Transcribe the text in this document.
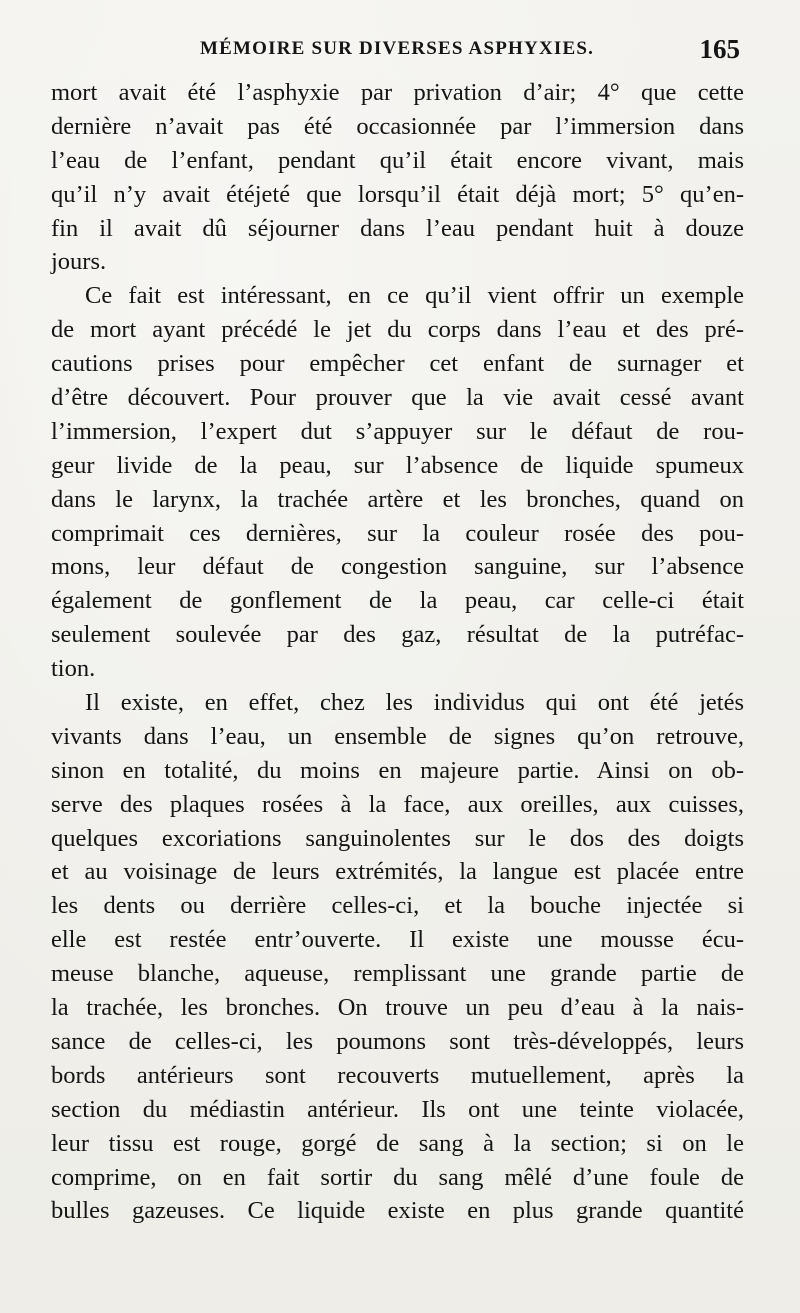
MÉMOIRE SUR DIVERSES ASPHYXIES.	165
mort avait été l’asphyxie par privation d’air; 4° que cette
dernière n’avait pas été occasionnée par l’immersion dans
l’eau de l’enfant, pendant qu’il était encore vivant, mais
qu’il n’y avait étéjeté que lorsqu’il était déjà mort; 5° qu’en-
fin il avait dû séjourner dans l’eau pendant huit à douze
jours.
Ce fait est intéressant, en ce qu’il vient offrir un exemple
de mort ayant précédé le jet du corps dans l’eau et des pré-
cautions prises pour empêcher cet enfant de surnager et
d’être découvert. Pour prouver que la vie avait cessé avant
l’immersion, l’expert dut s’appuyer sur le défaut de rou-
geur livide de la peau, sur l’absence de liquide spumeux
dans le larynx, la trachée artère et les bronches, quand on
comprimait ces dernières, sur la couleur rosée des pou-
mons, leur défaut de congestion sanguine, sur l’absence
également de gonflement de la peau, car celle-ci était
seulement soulevée par des gaz, résultat de la putréfac-
tion.
Il existe, en effet, chez les individus qui ont été jetés
vivants dans l’eau, un ensemble de signes qu’on retrouve,
sinon en totalité, du moins en majeure partie. Ainsi on ob-
serve des plaques rosées à la face, aux oreilles, aux cuisses,
quelques excoriations sanguinolentes sur le dos des doigts
et au voisinage de leurs extrémités, la langue est placée entre
les dents ou derrière celles-ci, et la bouche injectée si
elle est restée entr’ouverte. Il existe une mousse écu-
meuse blanche, aqueuse, remplissant une grande partie de
la trachée, les bronches. On trouve un peu d’eau à la nais-
sance de celles-ci, les poumons sont très-développés, leurs
bords antérieurs sont recouverts mutuellement, après la
section du médiastin antérieur. Ils ont une teinte violacée,
leur tissu est rouge, gorgé de sang à la section; si on le
comprime, on en fait sortir du sang mêlé d’une foule de
bulles gazeuses. Ce liquide existe en plus grande quantité
